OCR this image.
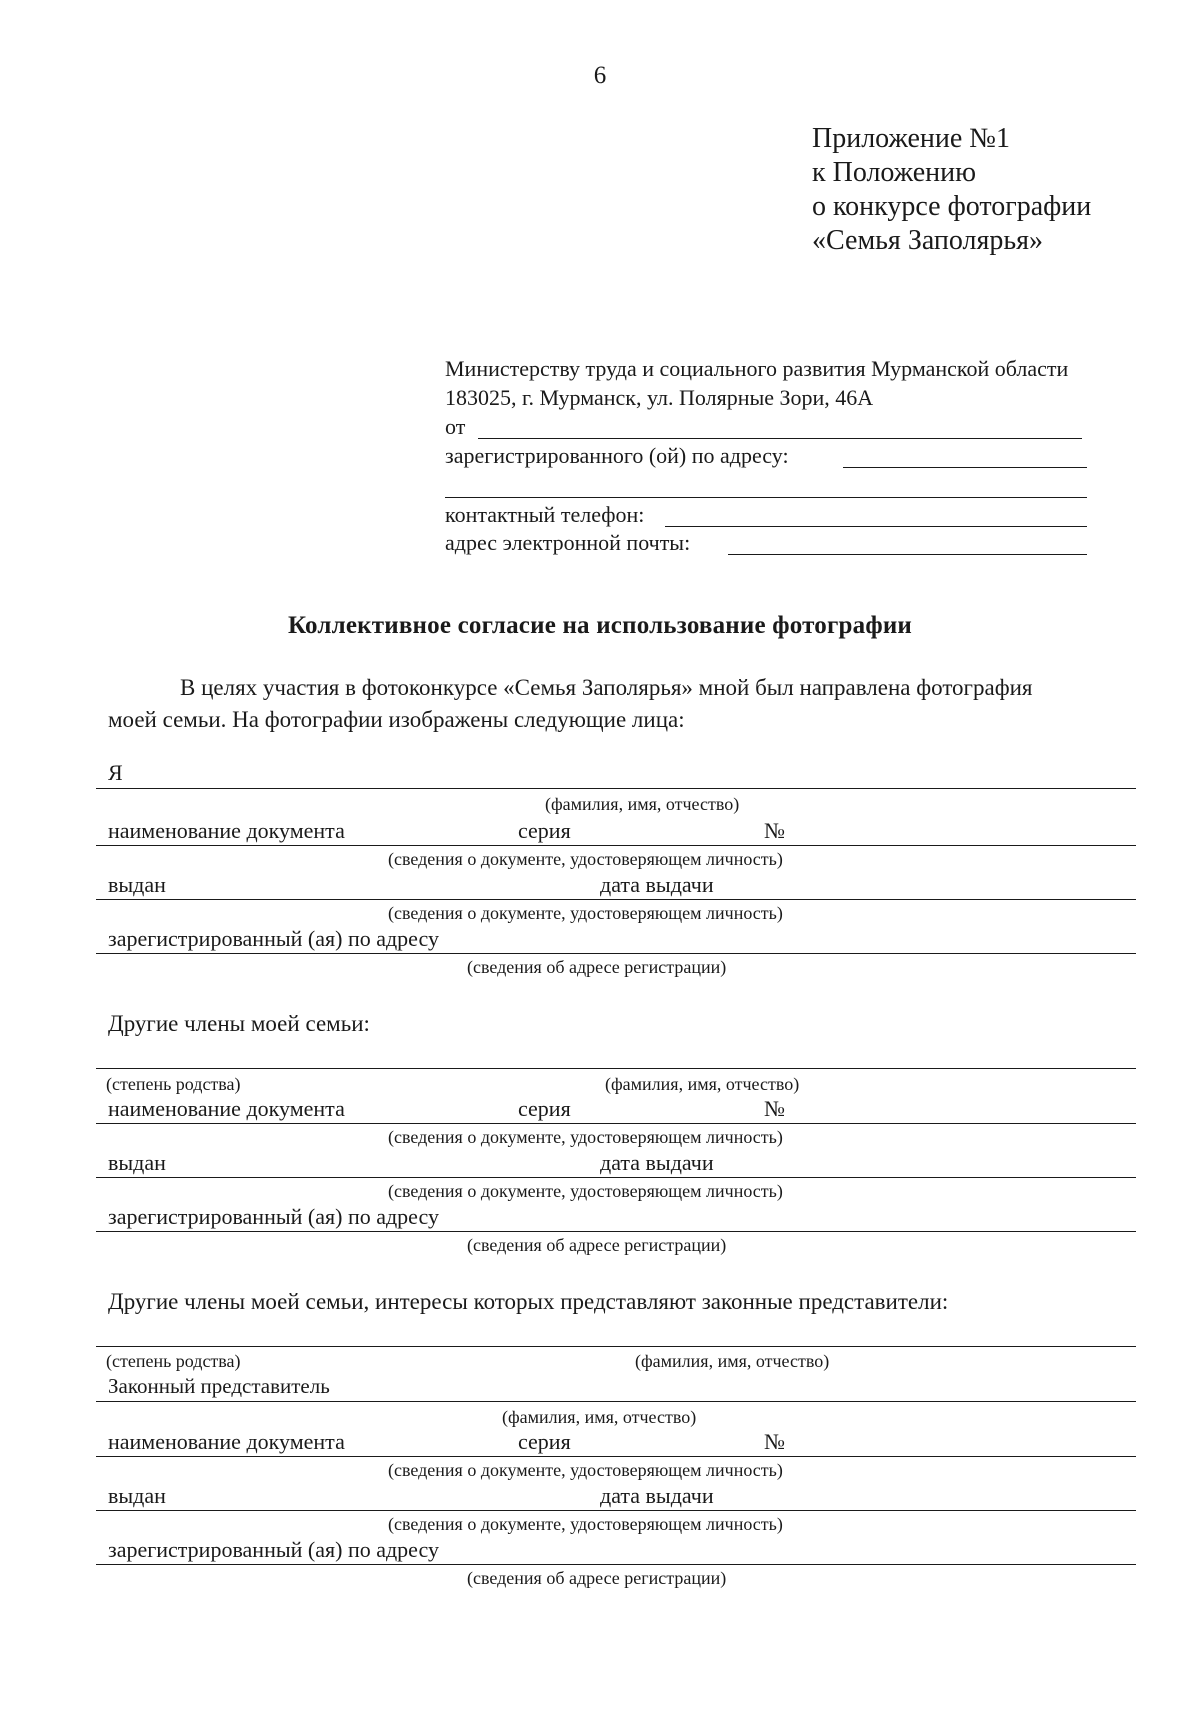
6
Приложение №1
к Положению
о конкурсе фотографии
«Семья Заполярья»
Министерству труда и социального развития Мурманской области
183025, г. Мурманск, ул. Полярные Зори, 46А
от
зарегистрированного (ой) по адресу:
контактный телефон:
адрес электронной почты:
Коллективное согласие на использование фотографии
В целях участия в фотоконкурсе «Семья Заполярья» мной был направлена фотография
моей семьи. На фотографии изображены следующие лица:
Я
(фамилия, имя, отчество)
наименование документа	серия	№
(сведения о документе, удостоверяющем личность)
выдан	дата выдачи
(сведения о документе, удостоверяющем личность)
зарегистрированный (ая) по адресу
(сведения об адресе регистрации)
Другие члены моей семьи:
(степень родства)	(фамилия, имя, отчество)
наименование документа	серия	№
(сведения о документе, удостоверяющем личность)
выдан	дата выдачи
(сведения о документе, удостоверяющем личность)
зарегистрированный (ая) по адресу
(сведения об адресе регистрации)
Другие члены моей семьи, интересы которых представляют законные представители:
(степень родства)	(фамилия, имя, отчество)
Законный представитель
(фамилия, имя, отчество)
наименование документа	серия	№
(сведения о документе, удостоверяющем личность)
выдан	дата выдачи
(сведения о документе, удостоверяющем личность)
зарегистрированный (ая) по адресу
(сведения об адресе регистрации)
